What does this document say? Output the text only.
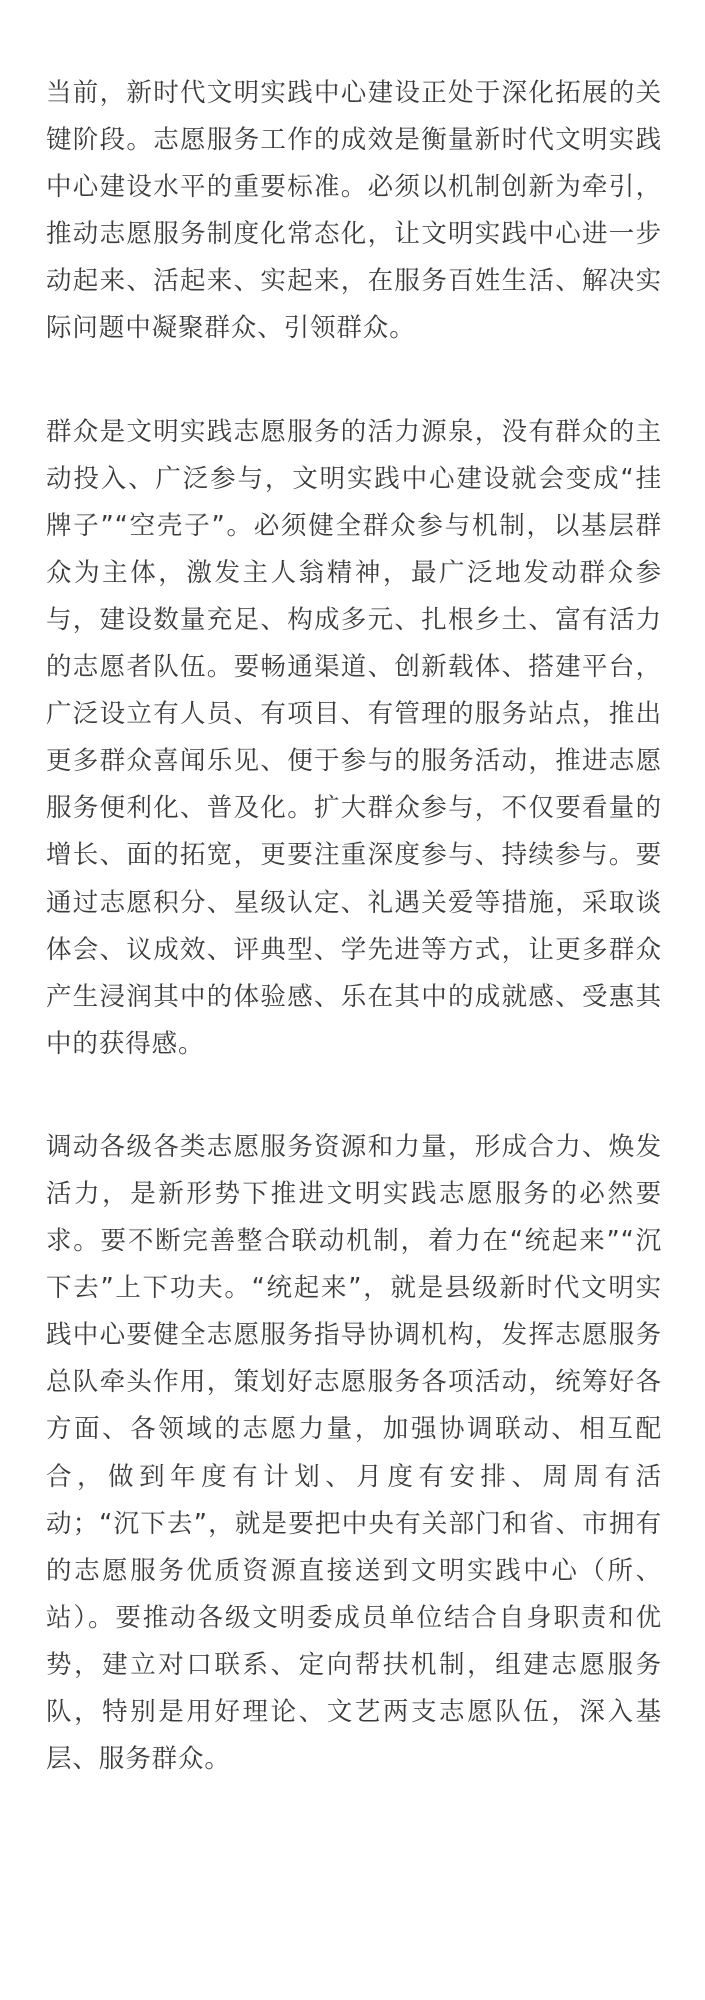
当前，新时代文明实践中心建设正处于深化拓展的关键阶段。志愿服务工作的成效是衡量新时代文明实践中心建设水平的重要标准。必须以机制创新为牵引，推动志愿服务制度化常态化，让文明实践中心进一步动起来、活起来、实起来，在服务百姓生活、解决实际问题中凝聚群众、引领群众。

群众是文明实践志愿服务的活力源泉，没有群众的主动投入、广泛参与，文明实践中心建设就会变成“挂牌子”“空壳子”。必须健全群众参与机制，以基层群众为主体，激发主人翁精神，最广泛地发动群众参与，建设数量充足、构成多元、扎根乡土、富有活力的志愿者队伍。要畅通渠道、创新载体、搭建平台，广泛设立有人员、有项目、有管理的服务站点，推出更多群众喜闻乐见、便于参与的服务活动，推进志愿服务便利化、普及化。扩大群众参与，不仅要看量的增长、面的拓宽，更要注重深度参与、持续参与。要通过志愿积分、星级认定、礼遇关爱等措施，采取谈体会、议成效、评典型、学先进等方式，让更多群众产生浸润其中的体验感、乐在其中的成就感、受惠其中的获得感。

调动各级各类志愿服务资源和力量，形成合力、焕发活力，是新形势下推进文明实践志愿服务的必然要求。要不断完善整合联动机制，着力在“统起来”“沉下去”上下功夫。“统起来”，就是县级新时代文明实践中心要健全志愿服务指导协调机构，发挥志愿服务总队牵头作用，策划好志愿服务各项活动，统筹好各方面、各领域的志愿力量，加强协调联动、相互配合，做到年度有计划、月度有安排、周周有活动；“沉下去”，就是要把中央有关部门和省、市拥有的志愿服务优质资源直接送到文明实践中心（所、站）。要推动各级文明委成员单位结合自身职责和优势，建立对口联系、定向帮扶机制，组建志愿服务队，特别是用好理论、文艺两支志愿队伍，深入基层、服务群众。
